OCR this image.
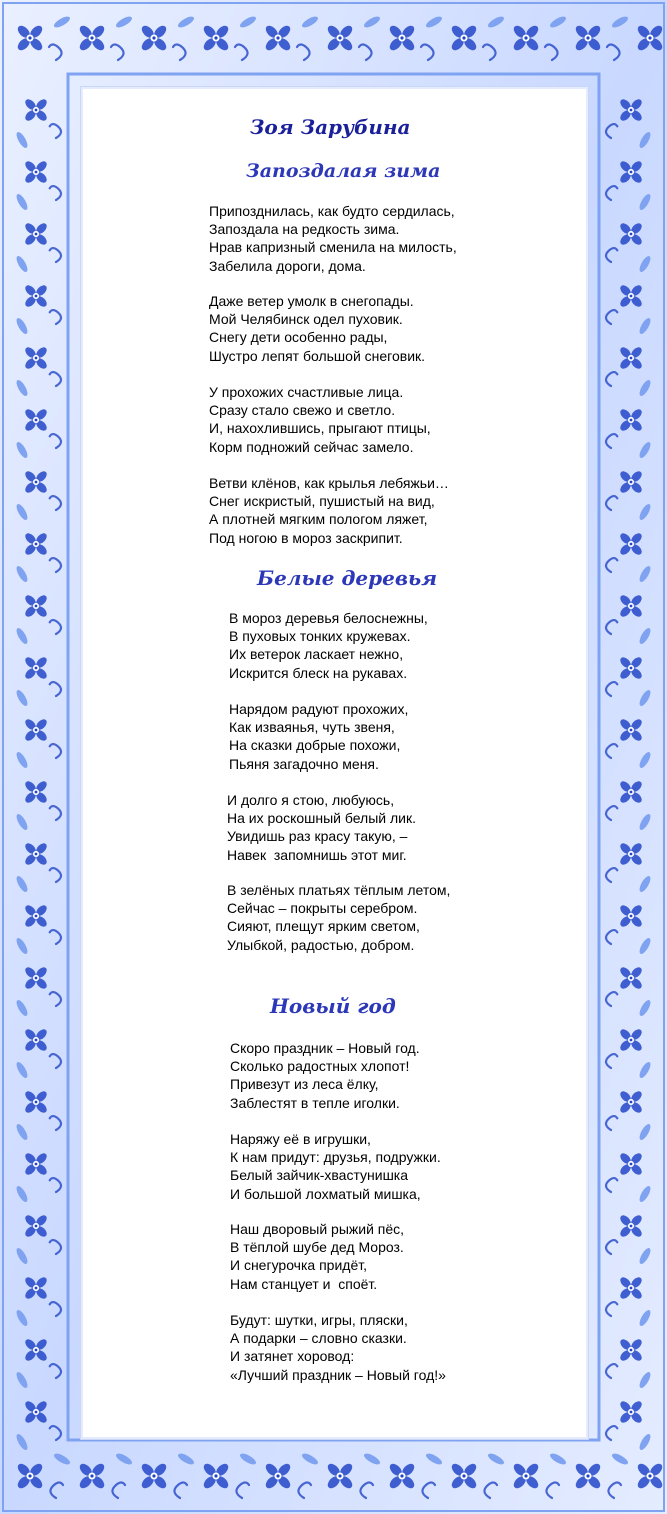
Зоя Зарубина
Запоздалая зима
Припозднилась, как будто сердилась,
Запоздала на редкость зима.
Нрав капризный сменила на милость,
Забелила дороги, дома.
Даже ветер умолк в снегопады.
Мой Челябинск одел пуховик.
Снегу дети особенно рады,
Шустро лепят большой снеговик.
У прохожих счастливые лица.
Сразу стало свежо и светло.
И, нахохлившись, прыгают птицы,
Корм подножий сейчас замело.
Ветви клёнов, как крылья лебяжьи…
Снег искристый, пушистый на вид,
А плотней мягким пологом ляжет,
Под ногою в мороз заскрипит.
Белые деревья
В мороз деревья белоснежны,
В пуховых тонких кружевах.
Их ветерок ласкает нежно,
Искрится блеск на рукавах.
Нарядом радуют прохожих,
Как изваянья, чуть звеня,
На сказки добрые похожи,
Пьяня загадочно меня.
И долго я стою, любуюсь,
На их роскошный белый лик.
Увидишь раз красу такую, –
Навек  запомнишь этот миг.
В зелёных платьях тёплым летом,
Сейчас – покрыты серебром.
Сияют, плещут ярким светом,
Улыбкой, радостью, добром.
Новый год
Скоро праздник – Новый год.
Сколько радостных хлопот!
Привезут из леса ёлку,
Заблестят в тепле иголки.
Наряжу её в игрушки,
К нам придут: друзья, подружки.
Белый зайчик-хвастунишка
И большой лохматый мишка,
Наш дворовый рыжий пёс,
В тёплой шубе дед Мороз.
И снегурочка придёт,
Нам станцует и  споёт.
Будут: шутки, игры, пляски,
А подарки – словно сказки.
И затянет хоровод:
«Лучший праздник – Новый год!»
